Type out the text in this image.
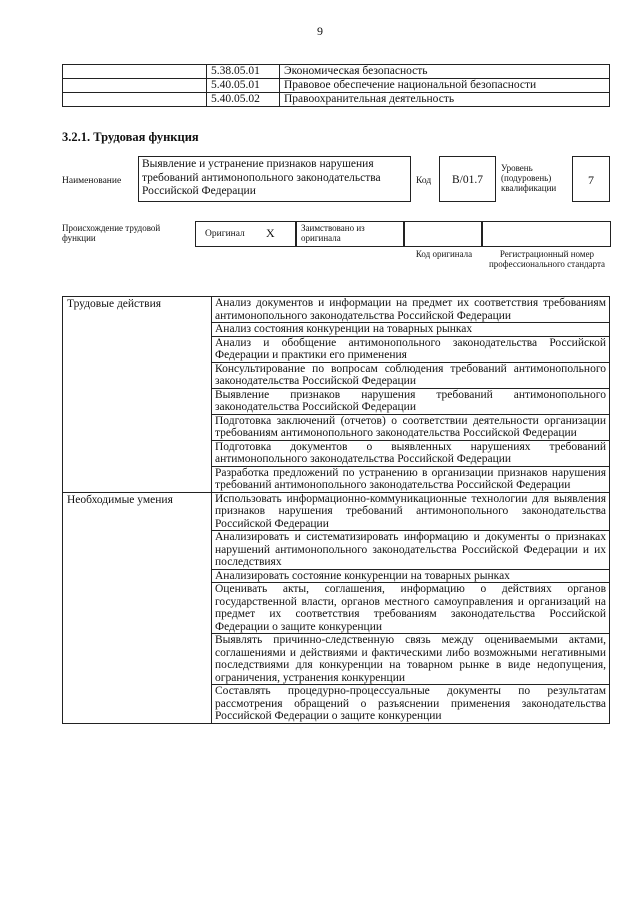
9
	5.38.05.01	Экономическая безопасность
	5.40.05.01	Правовое обеспечение национальной безопасности
	5.40.05.02	Правоохранительная деятельность
3.2.1. Трудовая функция
Наименование
Выявление и устранение признаков нарушения требований антимонопольного законодательства Российской Федерации
Код	B/01.7
Уровень (подуровень) квалификации
7
Происхождение трудовой функции	Оригинал X	Заимствовано из оригинала
Код оригинала	Регистрационный номер профессионального стандарта
Трудовые действия	Анализ документов и информации на предмет их соответствия требованиям антимонопольного законодательства Российской Федерации
	Анализ состояния конкуренции на товарных рынках
	Анализ и обобщение антимонопольного законодательства Российской Федерации и практики его применения
	Консультирование по вопросам соблюдения требований антимонопольного законодательства Российской Федерации
	Выявление признаков нарушения требований антимонопольного законодательства Российской Федерации
	Подготовка заключений (отчетов) о соответствии деятельности организации требованиям антимонопольного законодательства Российской Федерации
	Подготовка документов о выявленных нарушениях требований антимонопольного законодательства Российской Федерации
	Разработка предложений по устранению в организации признаков нарушения требований антимонопольного законодательства Российской Федерации
Необходимые умения	Использовать информационно-коммуникационные технологии для выявления признаков нарушения требований антимонопольного законодательства Российской Федерации
	Анализировать и систематизировать информацию и документы о признаках нарушений антимонопольного законодательства Российской Федерации и их последствиях
	Анализировать состояние конкуренции на товарных рынках
	Оценивать акты, соглашения, информацию о действиях органов государственной власти, органов местного самоуправления и организаций на предмет их соответствия требованиям законодательства Российской Федерации о защите конкуренции
	Выявлять причинно-следственную связь между оцениваемыми актами, соглашениями и действиями и фактическими либо возможными негативными последствиями для конкуренции на товарном рынке в виде недопущения, ограничения, устранения конкуренции
	Составлять процедурно-процессуальные документы по результатам рассмотрения обращений о разъяснении применения законодательства Российской Федерации о защите конкуренции
